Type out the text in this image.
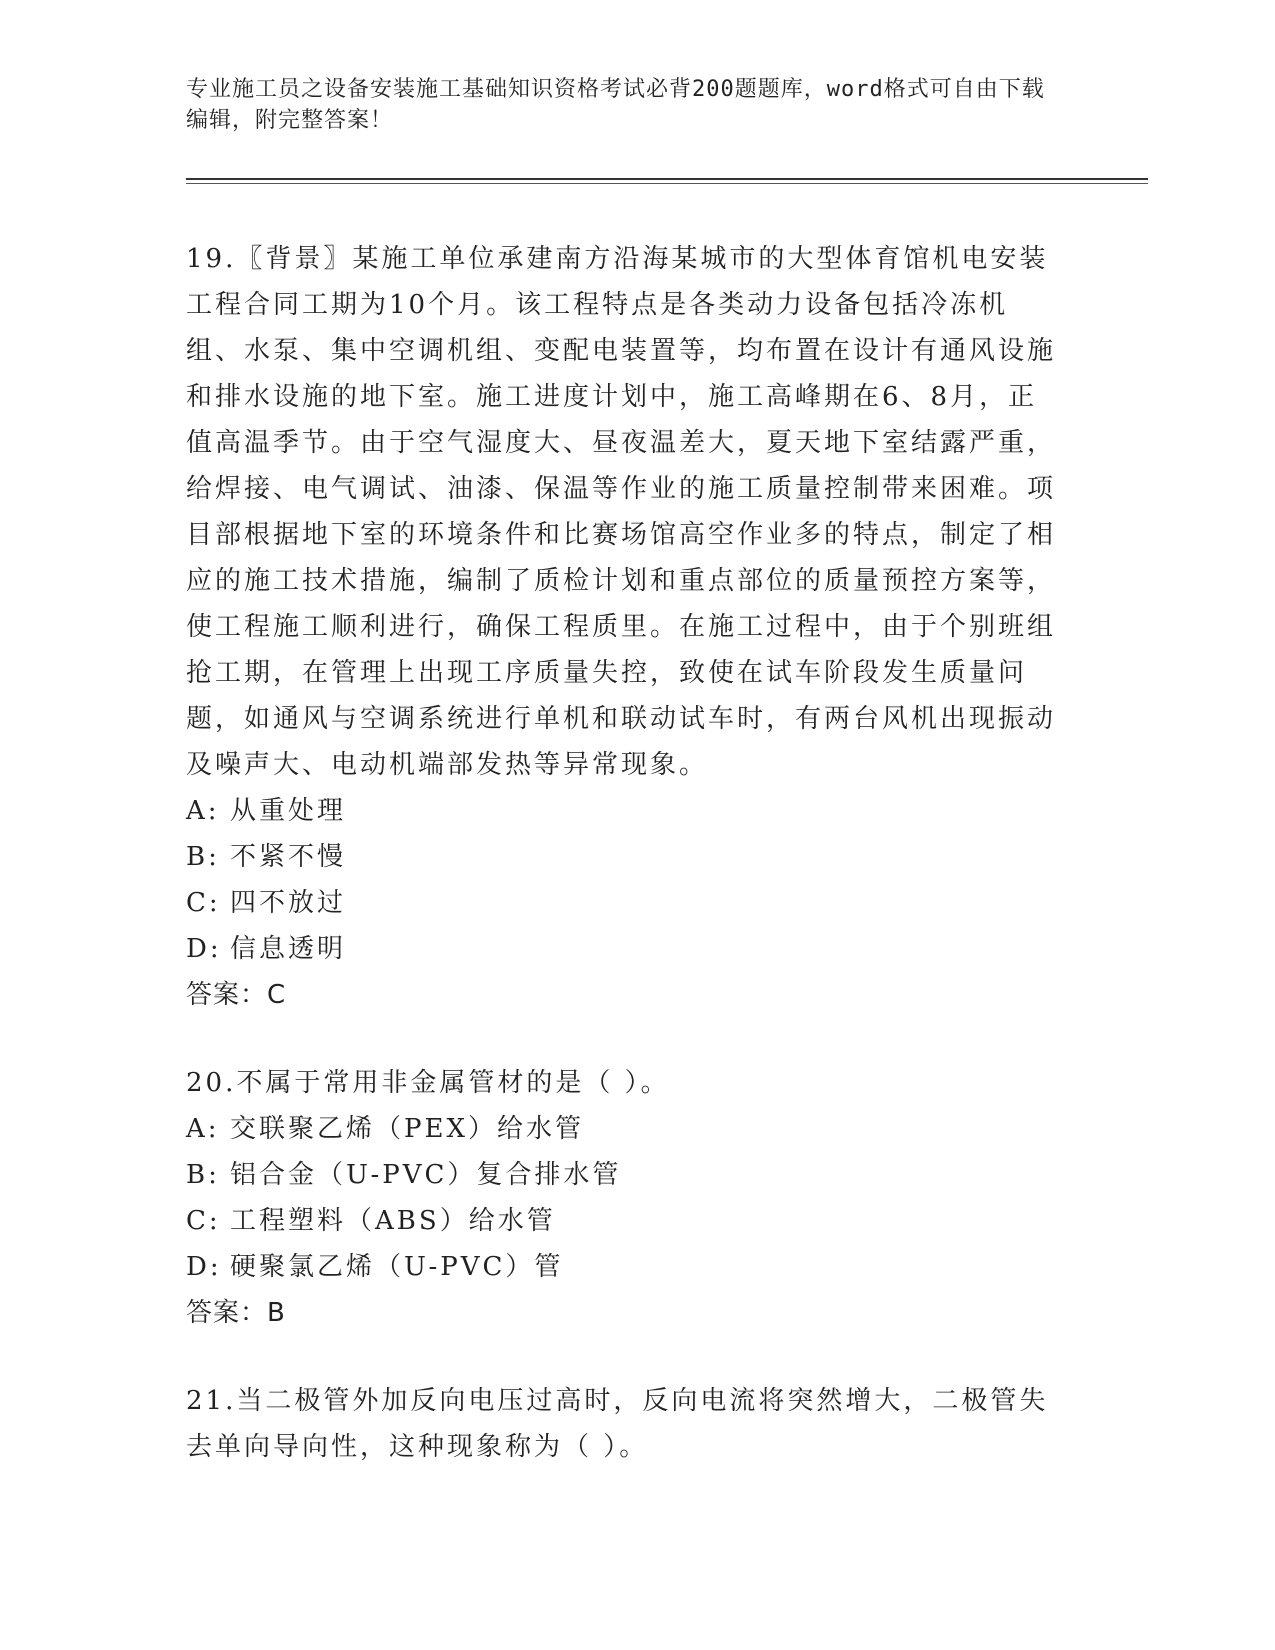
专业施工员之设备安装施工基础知识资格考试必背200题题库，word格式可自由下载编辑，附完整答案！

19.〖背景〗某施工单位承建南方沿海某城市的大型体育馆机电安装工程合同工期为10个月。该工程特点是各类动力设备包括冷冻机组、水泵、集中空调机组、变配电装置等，均布置在设计有通风设施和排水设施的地下室。施工进度计划中，施工高峰期在6、8月，正值高温季节。由于空气湿度大、昼夜温差大，夏天地下室结露严重，给焊接、电气调试、油漆、保温等作业的施工质量控制带来困难。项目部根据地下室的环境条件和比赛场馆高空作业多的特点，制定了相应的施工技术措施，编制了质检计划和重点部位的质量预控方案等，使工程施工顺利进行，确保工程质里。在施工过程中，由于个别班组抢工期，在管理上出现工序质量失控，致使在试车阶段发生质量问题，如通风与空调系统进行单机和联动试车时，有两台风机出现振动及噪声大、电动机端部发热等异常现象。

A: 从重处理

B: 不紧不慢

C: 四不放过

D: 信息透明

答案：C

20.不属于常用非金属管材的是（ ）。

A: 交联聚乙烯（PEX）给水管

B: 铝合金（U-PVC）复合排水管

C: 工程塑料（ABS）给水管

D: 硬聚氯乙烯（U-PVC）管

答案：B

21.当二极管外加反向电压过高时，反向电流将突然增大，二极管失去单向导向性，这种现象称为（ ）。
